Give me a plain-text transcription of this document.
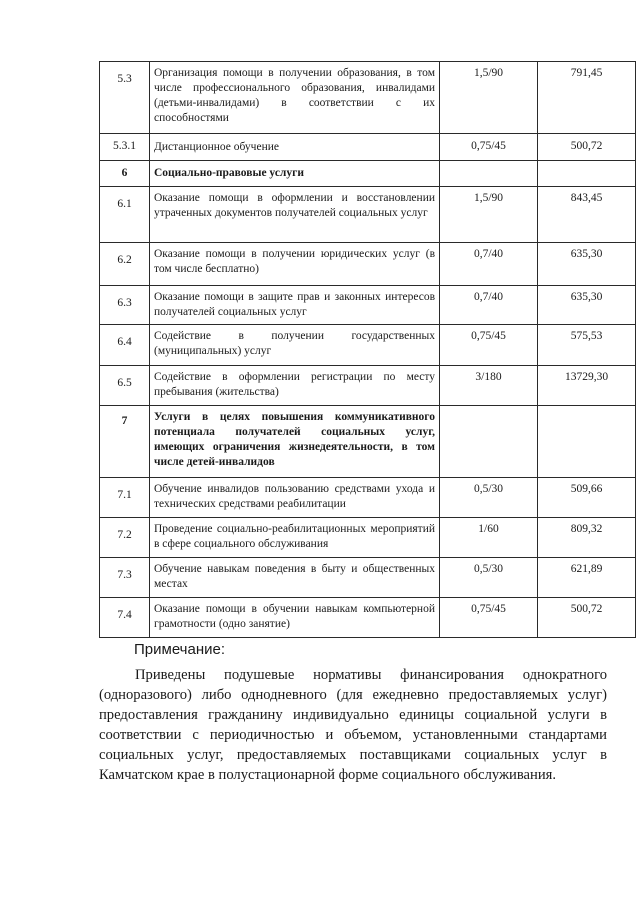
5.3	Организация помощи в получении образования, в том числе профессионального образования, инвалидами (детьми-инвалидами) в соответствии с их способностями	1,5/90	791,45
5.3.1	Дистанционное обучение	0,75/45	500,72
6	Социально-правовые услуги		
6.1	Оказание помощи в оформлении и восстановлении утраченных документов получателей социальных услуг	1,5/90	843,45
6.2	Оказание помощи в получении юридических услуг (в том числе бесплатно)	0,7/40	635,30
6.3	Оказание помощи в защите прав и законных интересов получателей социальных услуг	0,7/40	635,30
6.4	Содействие в получении государственных (муниципальных) услуг	0,75/45	575,53
6.5	Содействие в оформлении регистрации по месту пребывания (жительства)	3/180	13729,30
7	Услуги в целях повышения коммуникативного потенциала получателей социальных услуг, имеющих ограничения жизнедеятельности, в том числе детей-инвалидов		
7.1	Обучение инвалидов пользованию средствами ухода и технических средствами реабилитации	0,5/30	509,66
7.2	Проведение социально-реабилитационных мероприятий в сфере социального обслуживания	1/60	809,32
7.3	Обучение навыкам поведения в быту и общественных местах	0,5/30	621,89
7.4	Оказание помощи в обучении навыкам компьютерной грамотности (одно занятие)	0,75/45	500,72

Примечание:

Приведены подушевые нормативы финансирования однократного (одноразового) либо однодневного (для ежедневно предоставляемых услуг) предоставления гражданину индивидуально единицы социальной услуги в соответствии с периодичностью и объемом, установленными стандартами социальных услуг, предоставляемых поставщиками социальных услуг в Камчатском крае в полустационарной форме социального обслуживания.
